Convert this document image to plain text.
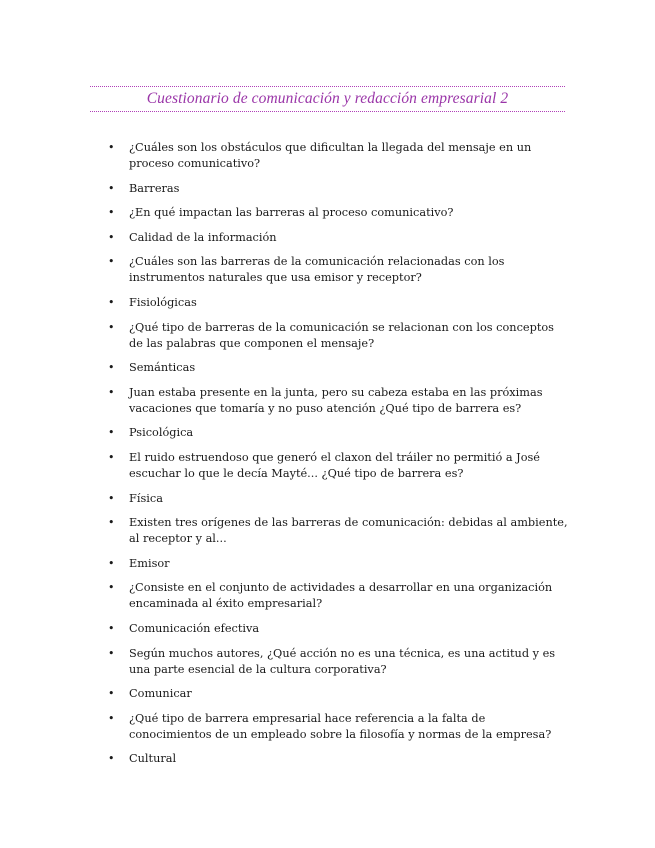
Cuestionario de comunicación y redacción empresarial 2
• ¿Cuáles son los obstáculos que dificultan la llegada del mensaje en un proceso comunicativo?
• Barreras
• ¿En qué impactan las barreras al proceso comunicativo?
• Calidad de la información
• ¿Cuáles son las barreras de la comunicación relacionadas con los instrumentos naturales que usa emisor y receptor?
• Fisiológicas
• ¿Qué tipo de barreras de la comunicación se relacionan con los conceptos de las palabras que componen el mensaje?
• Semánticas
• Juan estaba presente en la junta, pero su cabeza estaba en las próximas vacaciones que tomaría y no puso atención ¿Qué tipo de barrera es?
• Psicológica
• El ruido estruendoso que generó el claxon del tráiler no permitió a José escuchar lo que le decía Mayté... ¿Qué tipo de barrera es?
• Física
• Existen tres orígenes de las barreras de comunicación: debidas al ambiente, al receptor y al...
• Emisor
• ¿Consiste en el conjunto de actividades a desarrollar en una organización encaminada al éxito empresarial?
• Comunicación efectiva
• Según muchos autores, ¿Qué acción no es una técnica, es una actitud y es una parte esencial de la cultura corporativa?
• Comunicar
• ¿Qué tipo de barrera empresarial hace referencia a la falta de conocimientos de un empleado sobre la filosofía y normas de la empresa?
• Cultural
